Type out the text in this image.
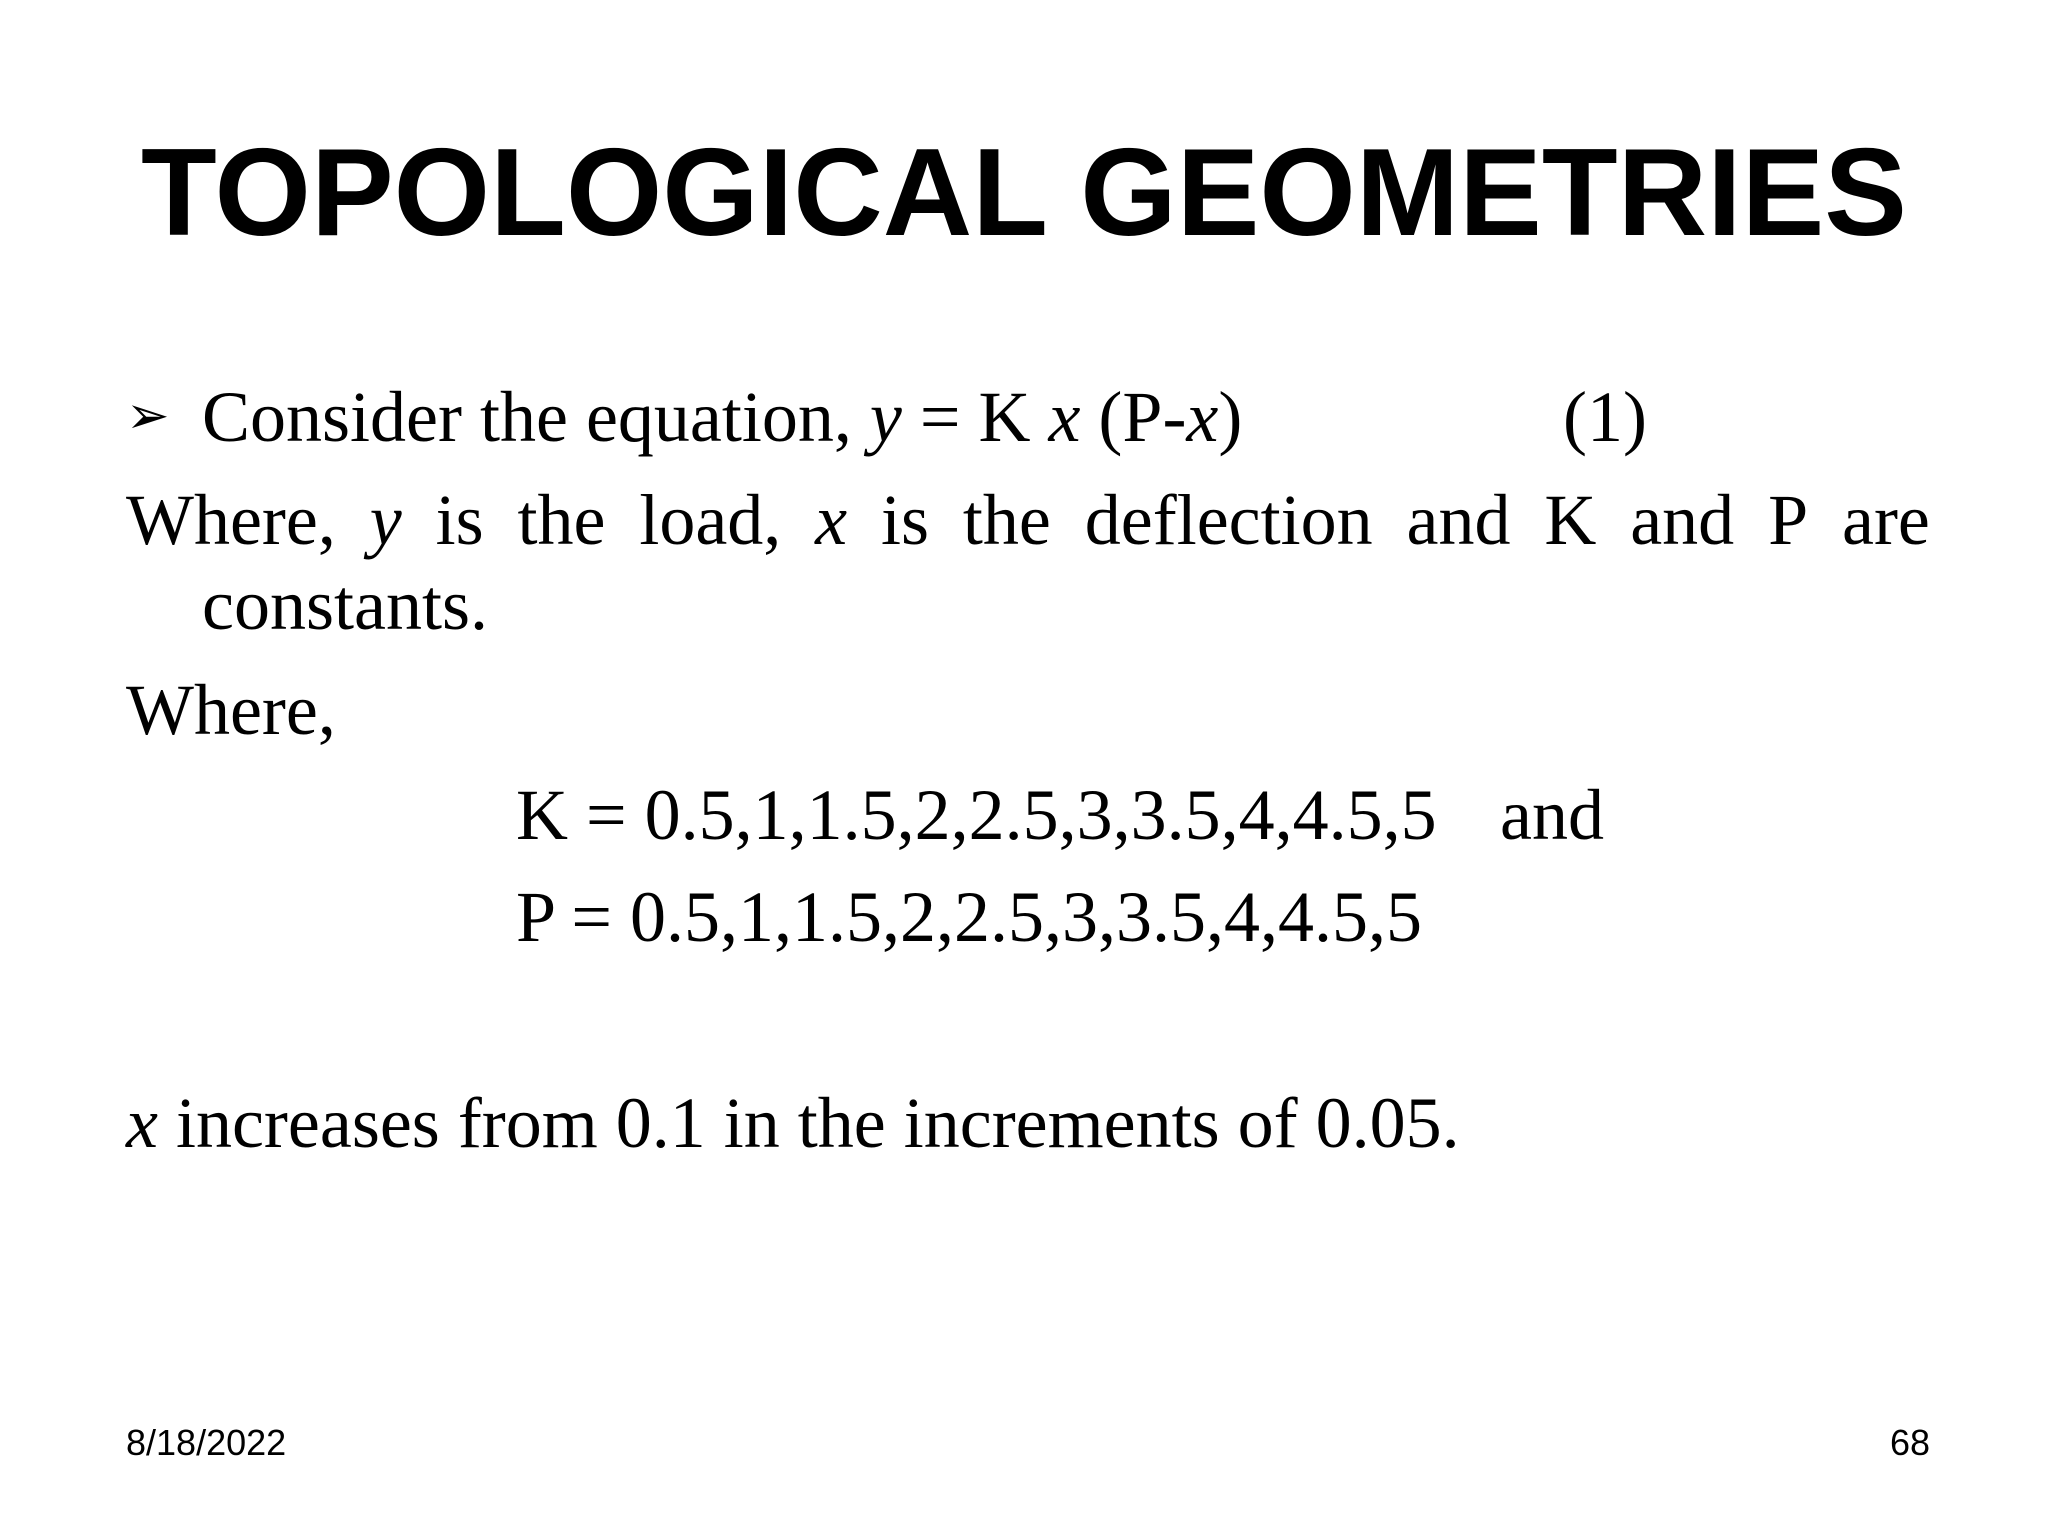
TOPOLOGICAL GEOMETRIES
➢ Consider the equation, y = K x (P-x)	(1)
Where, y is the load, x is the deflection and K and P are
constants.
Where,
K = 0.5,1,1.5,2,2.5,3,3.5,4,4.5,5 and
P = 0.5,1,1.5,2,2.5,3,3.5,4,4.5,5
x increases from 0.1 in the increments of 0.05.
8/18/2022	68
